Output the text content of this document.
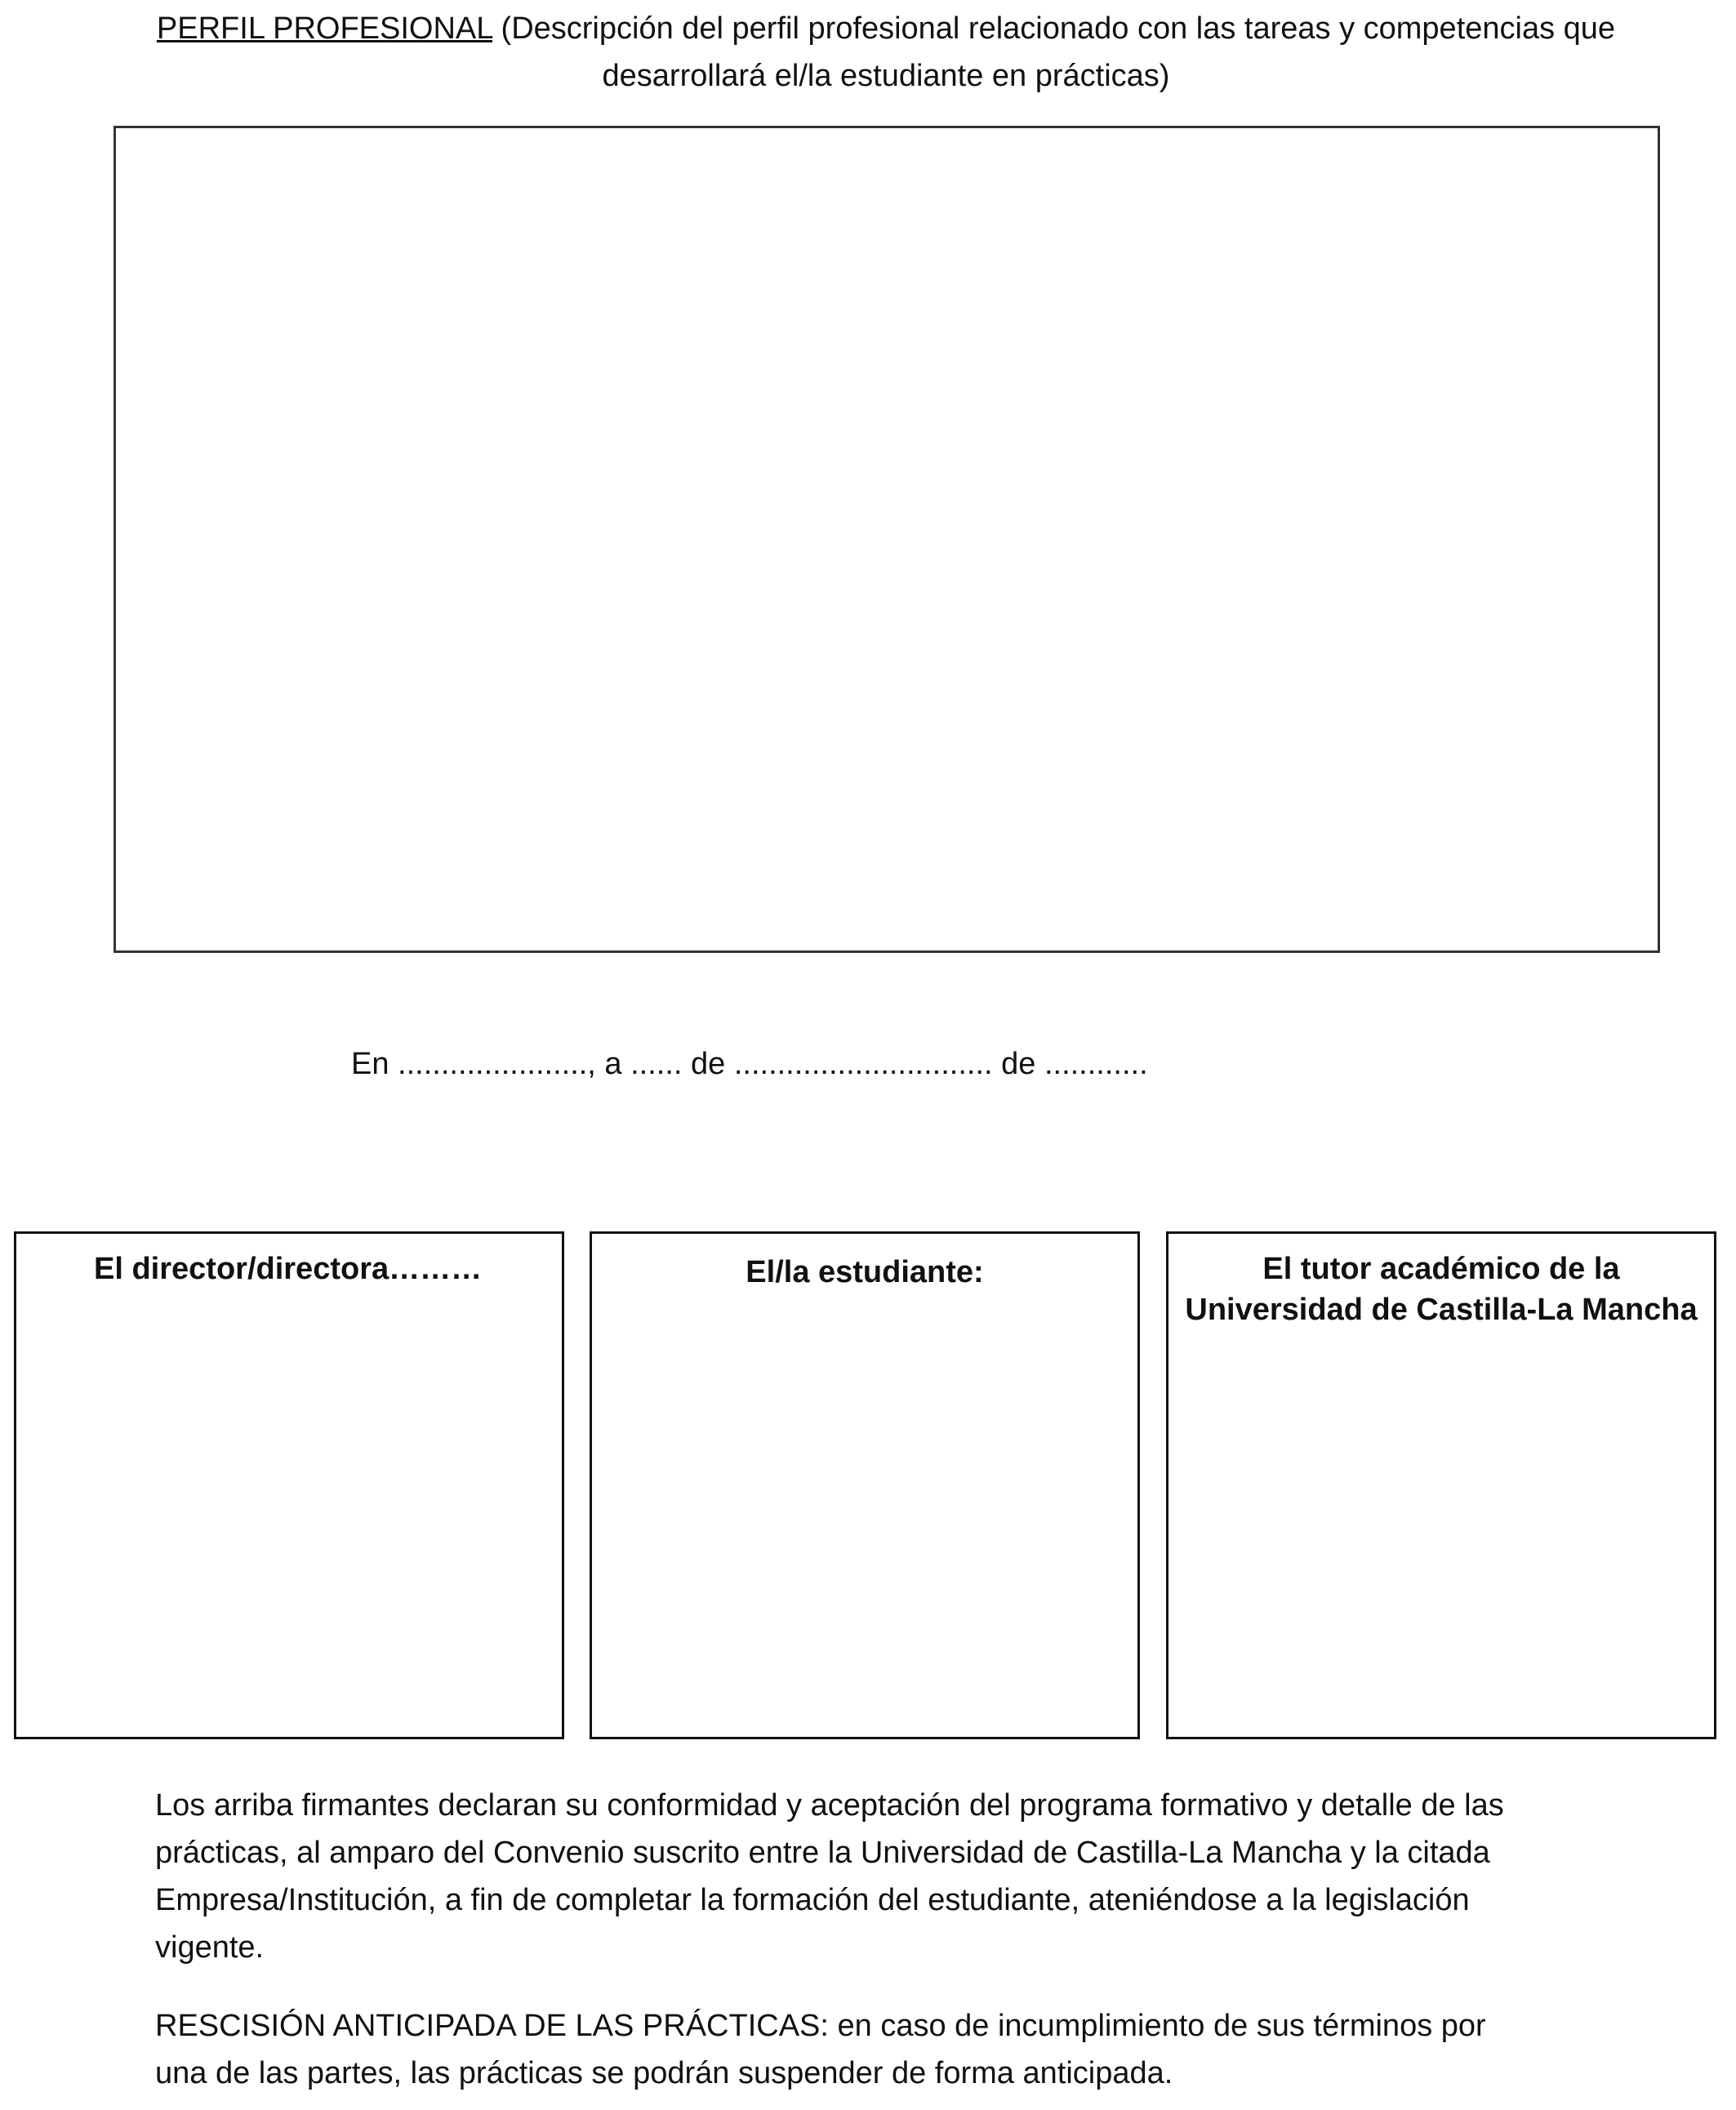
PERFIL PROFESIONAL (Descripción del perfil profesional relacionado con las tareas y competencias que desarrollará el/la estudiante en prácticas)
En ......................, a ...... de .............................. de ............
El director/directora………	El/la estudiante:	El tutor académico de la Universidad de Castilla-La Mancha

Los arriba firmantes declaran su conformidad y aceptación del programa formativo y detalle de las prácticas, al amparo del Convenio suscrito entre la Universidad de Castilla-La Mancha y la citada Empresa/Institución, a fin de completar la formación del estudiante, ateniéndose a la legislación vigente.

RESCISIÓN ANTICIPADA DE LAS PRÁCTICAS: en caso de incumplimiento de sus términos por una de las partes, las prácticas se podrán suspender de forma anticipada.
